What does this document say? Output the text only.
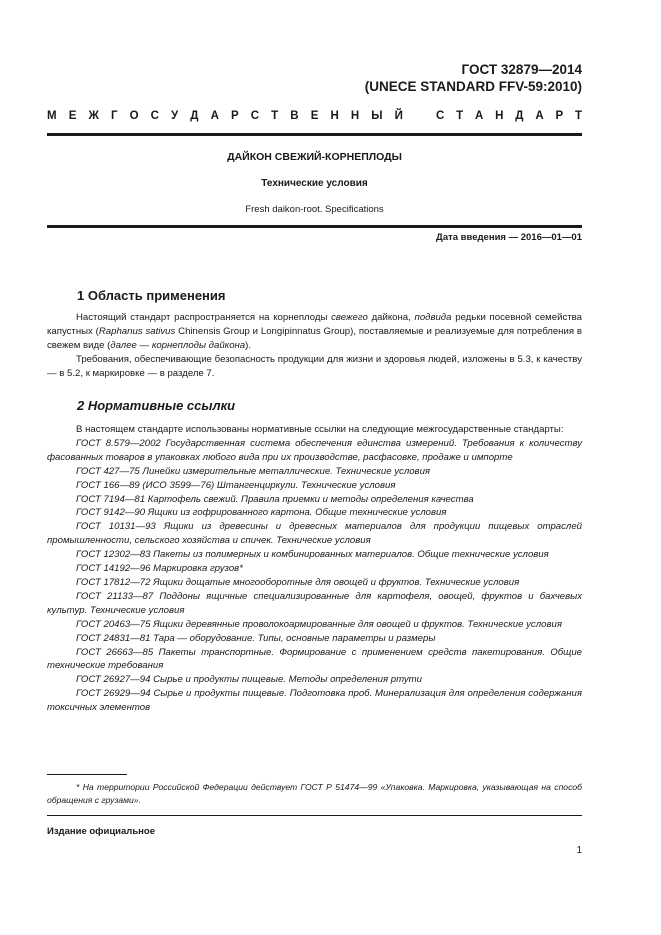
ГОСТ 32879—2014
(UNECE STANDARD FFV-59:2010)
М Е Ж Г О С У Д А Р С Т В Е Н Н Ы Й	С Т А Н Д А Р Т
ДАЙКОН СВЕЖИЙ-КОРНЕПЛОДЫ
Технические условия
Fresh daikon-root. Specifications
Дата введения — 2016—01—01
1 Область применения

Настоящий стандарт распространяется на корнеплоды свежего дайкона, подвида редьки посевной семейства капустных (Raphanus sativus Chinensis Group и Longipinnatus Group), поставляемые и реализуемые для потребления в свежем виде (далее — корнеплоды дайкона).

Требования, обеспечивающие безопасность продукции для жизни и здоровья людей, изложены в 5.3, к качеству — в 5.2, к маркировке — в разделе 7.

2 Нормативные ссылки

В настоящем стандарте использованы нормативные ссылки на следующие межгосударственные стандарты:

ГОСТ 8.579—2002 Государственная система обеспечения единства измерений. Требования к количеству фасованных товаров в упаковках любого вида при их производстве, расфасовке, продаже и импорте

ГОСТ 427—75 Линейки измерительные металлические. Технические условия

ГОСТ 166—89 (ИСО 3599—76) Штангенциркули. Технические условия

ГОСТ 7194—81 Картофель свежий. Правила приемки и методы определения качества

ГОСТ 9142—90 Ящики из гофрированного картона. Общие технические условия

ГОСТ 10131—93 Ящики из древесины и древесных материалов для продукции пищевых отраслей промышленности, сельского хозяйства и спичек. Технические условия

ГОСТ 12302—83 Пакеты из полимерных и комбинированных материалов. Общие технические условия

ГОСТ 14192—96 Маркировка грузов*

ГОСТ 17812—72 Ящики дощатые многооборотные для овощей и фруктов. Технические условия

ГОСТ 21133—87 Поддоны ящичные специализированные для картофеля, овощей, фруктов и бахчевых культур. Технические условия

ГОСТ 20463—75 Ящики деревянные проволокоармированные для овощей и фруктов. Технические условия

ГОСТ 24831—81 Тара — оборудование. Типы, основные параметры и размеры

ГОСТ 26663—85 Пакеты транспортные. Формирование с применением средств пакетирования. Общие технические требования

ГОСТ 26927—94 Сырье и продукты пищевые. Методы определения ртути

ГОСТ 26929—94 Сырье и продукты пищевые. Подготовка проб. Минерализация для определения содержания токсичных элементов

* На территории Российской Федерации действует ГОСТ Р 51474—99 «Упаковка. Маркировка, указывающая на способ обращения с грузами».
Издание официальное
1
